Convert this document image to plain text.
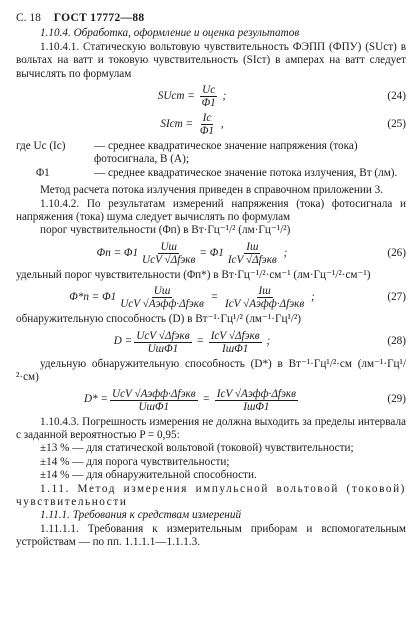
С. 18 ГОСТ 17772—88

1.10.4. Обработка, оформление и оценка результатов

1.10.4.1. Статическую вольтовую чувствительность ФЭПП (ФПУ) (SUст) в вольтах на ватт и токовую чувствительность (SIст) в амперах на ватт следует вычислять по формулам

SUст = $\frac{Uс}{\Phi 1}$ ;	(24)
SIст = $\frac{Iс}{\Phi 1}$ ,	(25)
где Uс (Iс)	— среднее квадратическое значение напряжения (тока) фотосигнала, В (А);
Φ1	— среднее квадратическое значение потока излучения, Вт (лм).

Метод расчета потока излучения приведен в справочном приложении 3.

1.10.4.2. По результатам измерений напряжения (тока) фотосигнала и напряжения (тока) шума следует вычислять по формулам

порог чувствительности (Φп) в Вт·Гц⁻¹/² (лм·Гц⁻¹/²)

$\Phi п = \Phi 1 \frac{Uш}{\text{UсV √Δfэкв}} = \Phi 1 \frac{Iш}{\text{IсV √Δfэкв}}$ ;	(26)

удельный порог чувствительности (Φп*) в Вт·Гц⁻¹/²·см⁻¹ (лм·Гц⁻¹/²·см⁻¹)

$\Phi*п = \Phi 1 \frac{Uш}{\text{UсV √Aэфф·Δfэкв}} = \frac{Iш}{\text{IсV √Aэфф·Δfэкв}}$ ;	(27)

обнаружительную способность (D) в Вт⁻¹·Гц¹/² (лм⁻¹·Гц¹/²)

$D = \frac{\text{UсV √Δfэкв}}{\text{UшΦ1}} = \frac{\text{IсV √Δfэкв}}{\text{IшΦ1}}$ ;	(28)

удельную обнаружительную способность (D*) в Вт⁻¹·Гц¹/²·см (лм⁻¹·Гц¹/²·см)

$D* = \frac{\text{UсV √Aэфф·Δfэкв}}{\text{UшΦ1}} = \frac{\text{IсV √Aэфф·Δfэкв}}{\text{IшΦ1}}$	(29)

1.10.4.3. Погрешность измерения не должна выходить за пределы интервала с заданной вероятностью P = 0,95:

±13 % — для статической вольтовой (токовой) чувствительности;

±14 % — для порога чувствительности;

±14 % — для обнаружительной способности.

1.11. Метод измерения импульсной вольтовой (токовой) чувствительности

1.11.1. Требования к средствам измерений

1.11.1.1. Требования к измерительным приборам и вспомогательным устройствам — по пп. 1.1.1.1—1.1.1.3.
